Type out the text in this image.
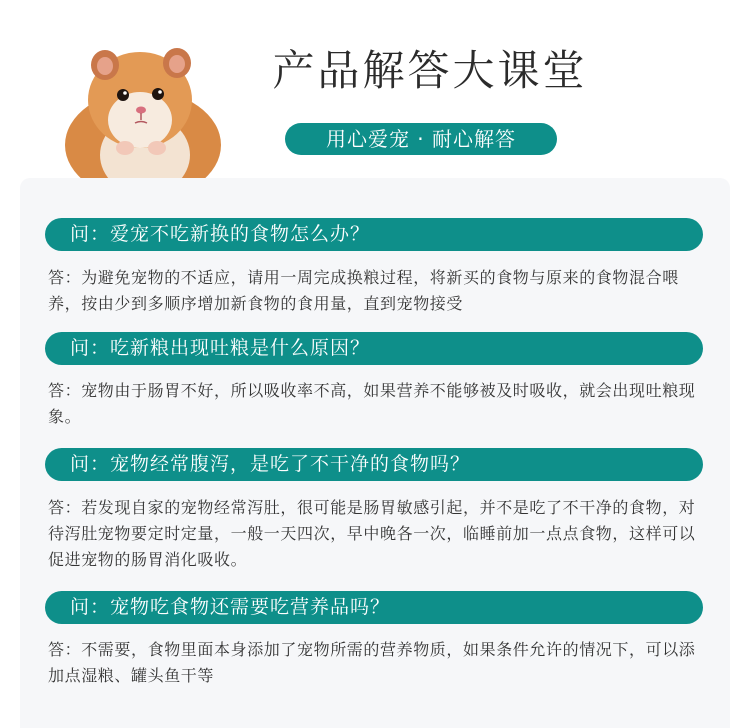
产品解答大课堂
用心爱宠 · 耐心解答
问：爱宠不吃新换的食物怎么办？
答：为避免宠物的不适应，请用一周完成换粮过程，将新买的食物与原来的食物混合喂养，按由少到多顺序增加新食物的食用量，直到宠物接受
问：吃新粮出现吐粮是什么原因？
答：宠物由于肠胃不好，所以吸收率不高，如果营养不能够被及时吸收，就会出现吐粮现象。
问：宠物经常腹泻，是吃了不干净的食物吗？
答：若发现自家的宠物经常泻肚，很可能是肠胃敏感引起，并不是吃了不干净的食物，对待泻肚宠物要定时定量，一般一天四次，早中晚各一次，临睡前加一点点食物，这样可以促进宠物的肠胃消化吸收。
问：宠物吃食物还需要吃营养品吗？
答：不需要，食物里面本身添加了宠物所需的营养物质，如果条件允许的情况下，可以添加点湿粮、罐头鱼干等
